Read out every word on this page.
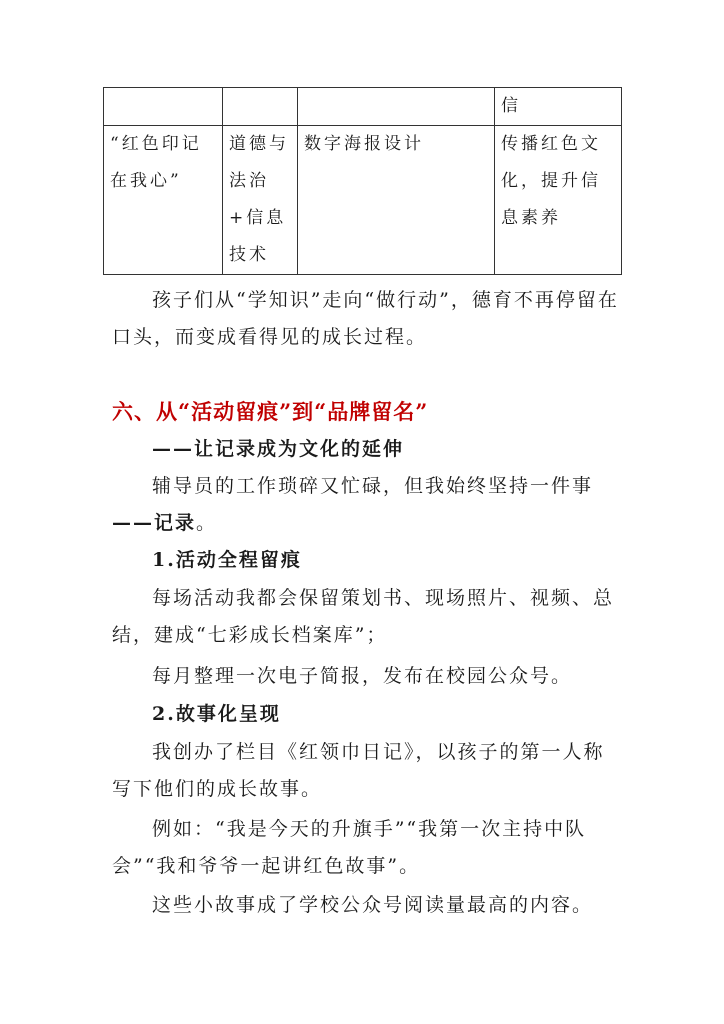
			信
“红色印记在我心”	道德与法治+信息技术	数字海报设计	传播红色文化，提升信息素养

孩子们从“学知识”走向“做行动”，德育不再停留在口头，而变成看得见的成长过程。

六、从“活动留痕”到“品牌留名”

——让记录成为文化的延伸

辅导员的工作琐碎又忙碌，但我始终坚持一件事——记录。

1.活动全程留痕

每场活动我都会保留策划书、现场照片、视频、总结，建成“七彩成长档案库”；

每月整理一次电子简报，发布在校园公众号。

2.故事化呈现

我创办了栏目《红领巾日记》，以孩子的第一人称写下他们的成长故事。

例如：“我是今天的升旗手”“我第一次主持中队会”“我和爷爷一起讲红色故事”。

这些小故事成了学校公众号阅读量最高的内容。
